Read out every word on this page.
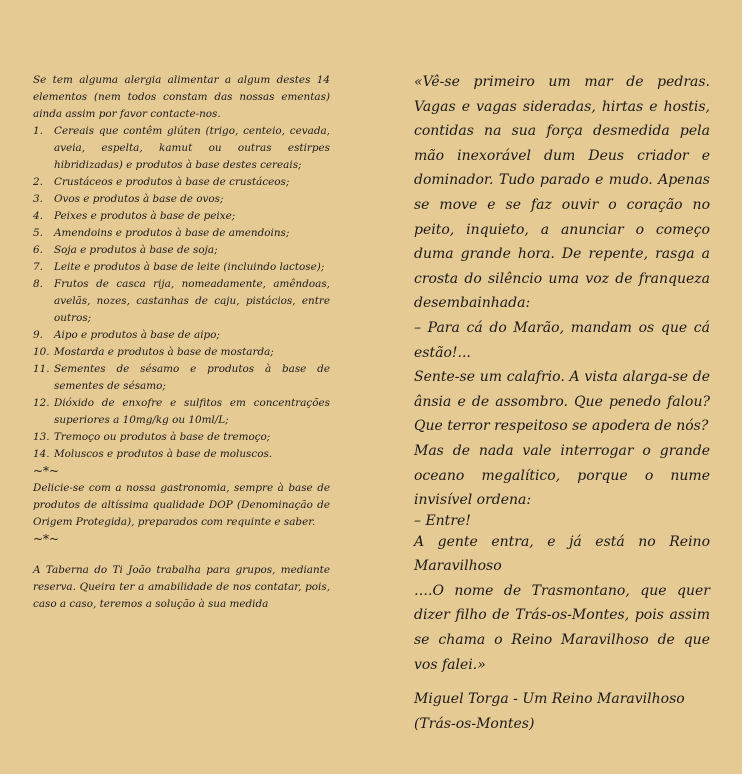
Se tem alguma alergia alimentar a algum destes 14 elementos (nem todos constam das nossas ementas) ainda assim por favor contacte-nos.

1. Cereais que contêm glúten (trigo, centeio, cevada, aveia, espelta, kamut ou outras estirpes hibridizadas) e produtos à base destes cereais;
2. Crustáceos e produtos à base de crustáceos;
3. Ovos e produtos à base de ovos;
4. Peixes e produtos à base de peixe;
5. Amendoins e produtos à base de amendoins;
6. Soja e produtos à base de soja;
7. Leite e produtos à base de leite (incluindo lactose);
8. Frutos de casca rija, nomeadamente, amêndoas, avelãs, nozes, castanhas de caju, pistácios, entre outros;
9. Aipo e produtos à base de aipo;
10. Mostarda e produtos à base de mostarda;
11. Sementes de sésamo e produtos à base de sementes de sésamo;
12. Dióxido de enxofre e sulfitos em concentrações superiores a 10mg/kg ou 10ml/L;
13. Tremoço ou produtos à base de tremoço;
14. Moluscos e produtos à base de moluscos.

~*~

Delicie-se com a nossa gastronomia, sempre à base de produtos de altíssima qualidade DOP (Denominação de Origem Protegida), preparados com requinte e saber.

~*~

A Taberna do Ti João trabalha para grupos, mediante reserva. Queira ter a amabilidade de nos contatar, pois, caso a caso, teremos a solução à sua medida

«Vê-se primeiro um mar de pedras. Vagas e vagas sideradas, hirtas e hostis, contidas na sua força desmedida pela mão inexorável dum Deus criador e dominador. Tudo parado e mudo. Apenas se move e se faz ouvir o coração no peito, inquieto, a anunciar o começo duma grande hora. De repente, rasga a crosta do silêncio uma voz de franqueza desembainhada:

– Para cá do Marão, mandam os que cá estão!...

Sente-se um calafrio. A vista alarga-se de ânsia e de assombro. Que penedo falou? Que terror respeitoso se apodera de nós?

Mas de nada vale interrogar o grande oceano megalítico, porque o nume invisível ordena:

– Entre!

A gente entra, e já está no Reino Maravilhoso

….O nome de Trasmontano, que quer dizer filho de Trás-os-Montes, pois assim se chama o Reino Maravilhoso de que vos falei.»

Miguel Torga - Um Reino Maravilhoso

(Trás-os-Montes)
